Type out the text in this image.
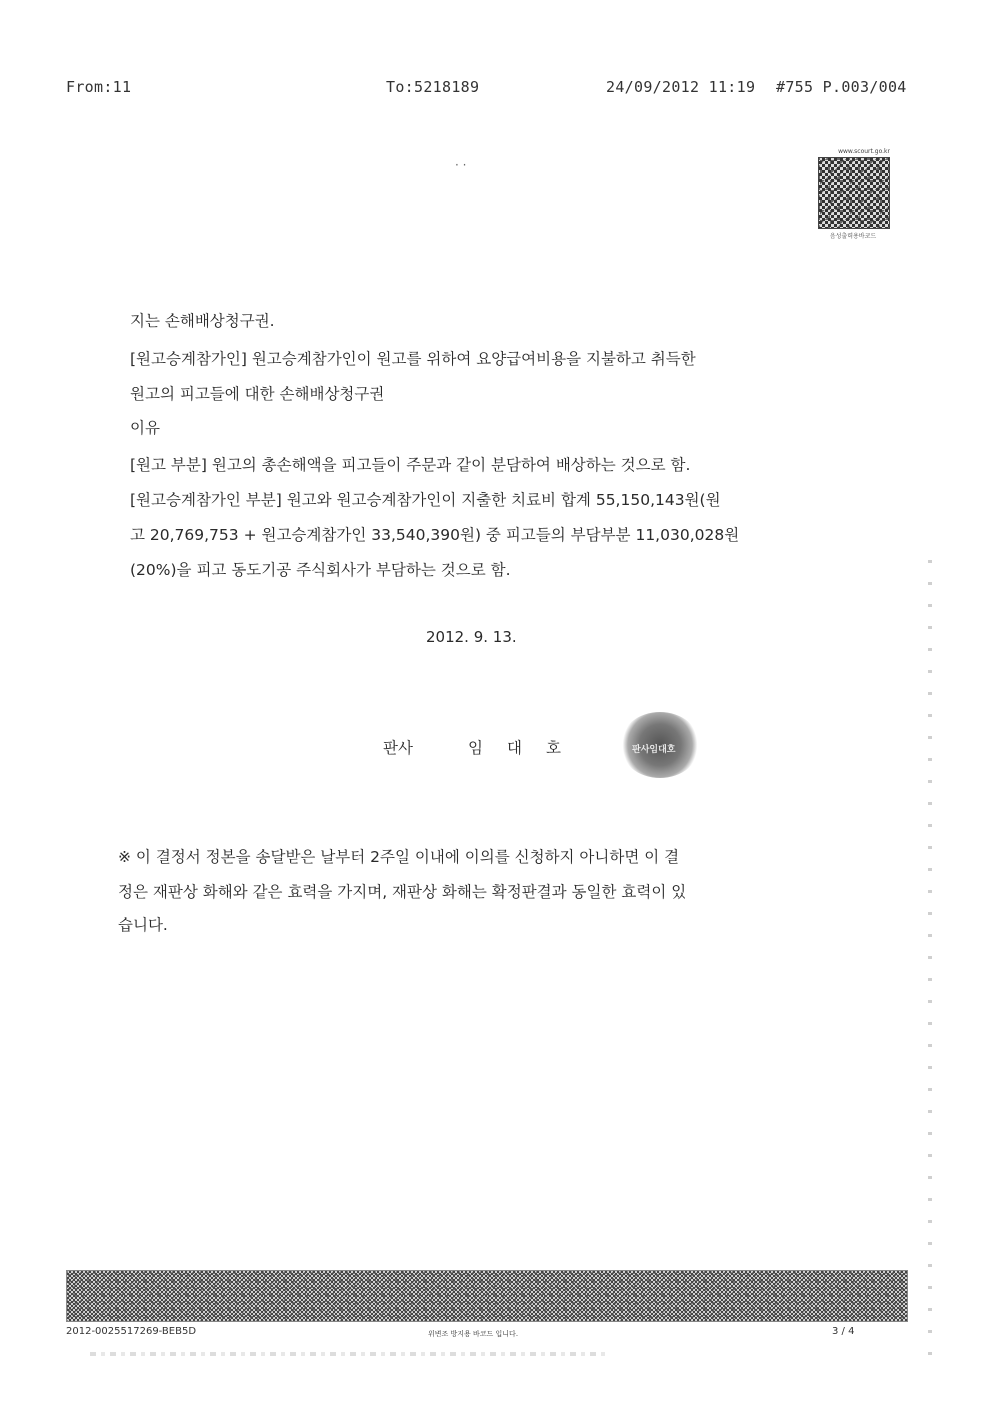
From:11	To:5218189	24/09/2012 11:19 #755 P.003/004
· ·
www.scourt.go.kr
음성출력용바코드
지는 손해배상청구권.
[원고승계참가인] 원고승계참가인이 원고를 위하여 요양급여비용을 지불하고 취득한
원고의 피고들에 대한 손해배상청구권
이유
[원고 부분] 원고의 총손해액을 피고들이 주문과 같이 분담하여 배상하는 것으로 함.
[원고승계참가인 부분] 원고와 원고승계참가인이 지출한 치료비 합계 55,150,143원(원
고 20,769,753 + 원고승계참가인 33,540,390원) 중 피고들의 부담부분 11,030,028원
(20%)을 피고 동도기공 주식회사가 부담하는 것으로 함.
2012. 9. 13.
판사	임대호	판사임대호
※ 이 결정서 정본을 송달받은 날부터 2주일 이내에 이의를 신청하지 아니하면 이 결
정은 재판상 화해와 같은 효력을 가지며, 재판상 화해는 확정판결과 동일한 효력이 있
습니다.
2012-0025517269-BEB5D	위변조 방지용 바코드 입니다.	3 / 4
